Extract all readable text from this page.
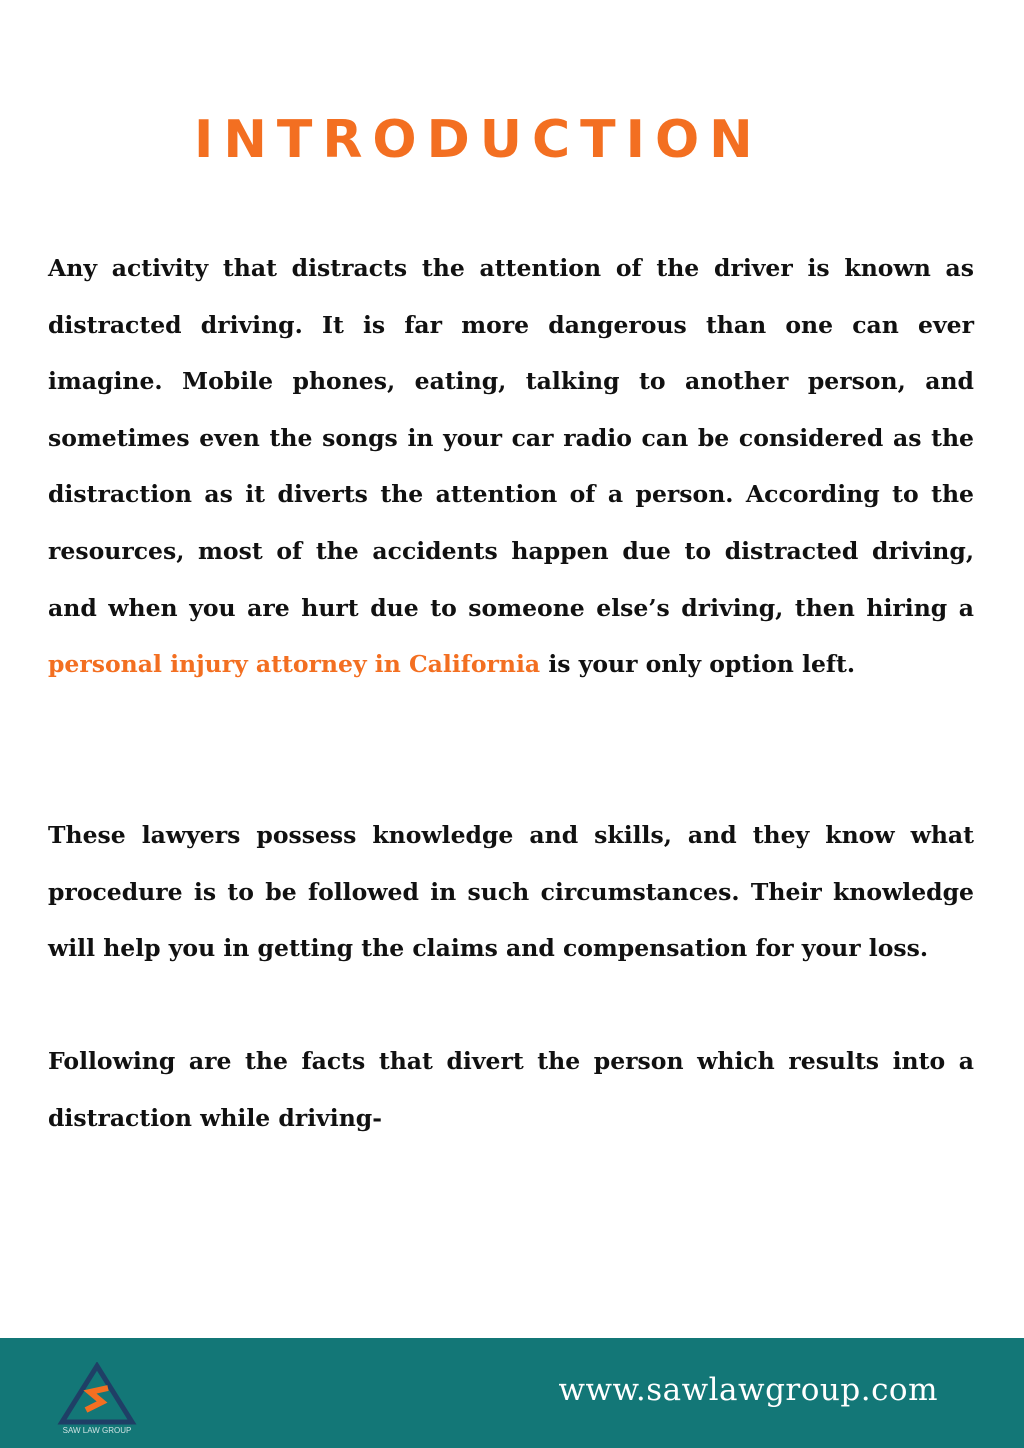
INTRODUCTION

Any activity that distracts the attention of the driver is known as distracted driving. It is far more dangerous than one can ever imagine. Mobile phones, eating, talking to another person, and sometimes even the songs in your car radio can be considered as the distraction as it diverts the attention of a person. According to the resources, most of the accidents happen due to distracted driving, and when you are hurt due to someone else’s driving, then hiring a personal injury attorney in California is your only option left.

These lawyers possess knowledge and skills, and they know what procedure is to be followed in such circumstances. Their knowledge will help you in getting the claims and compensation for your loss.

Following are the facts that divert the person which results into a distraction while driving-

SAW LAW GROUP
www.sawlawgroup.com
